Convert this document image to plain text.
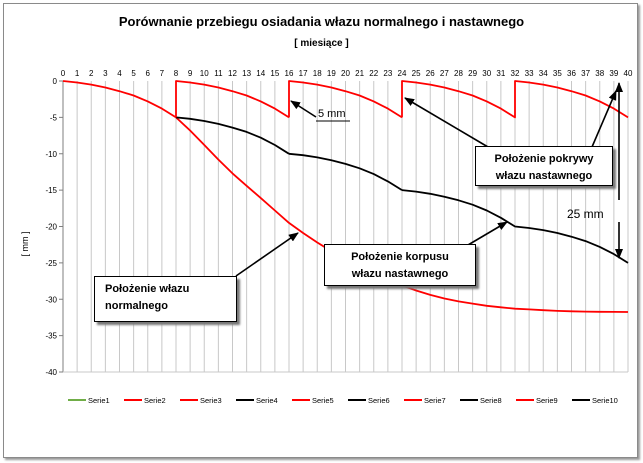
Porównanie przebiegu osiadania włazu normalnego i nastawnego
[ miesiące ]
0 1 2 3 4 5 6 7 8 9 10 11 12 13 14 15 16 17 18 19 20 21 22 23 24 25 26 27 28 29 30 31 32 33 34 35 36 37 38 39 40
0
-5
-10
-15
-20
-25
-30
-35
-40
[ mm ]
Serie1	Serie2	Serie3	Serie4	Serie5	Serie6	Serie7	Serie8	Serie9	Serie10
5 mm
25 mm
Położenie pokrywy włazu nastawnego
Położenie korpusu włazu nastawnego
Położenie włazu normalnego
